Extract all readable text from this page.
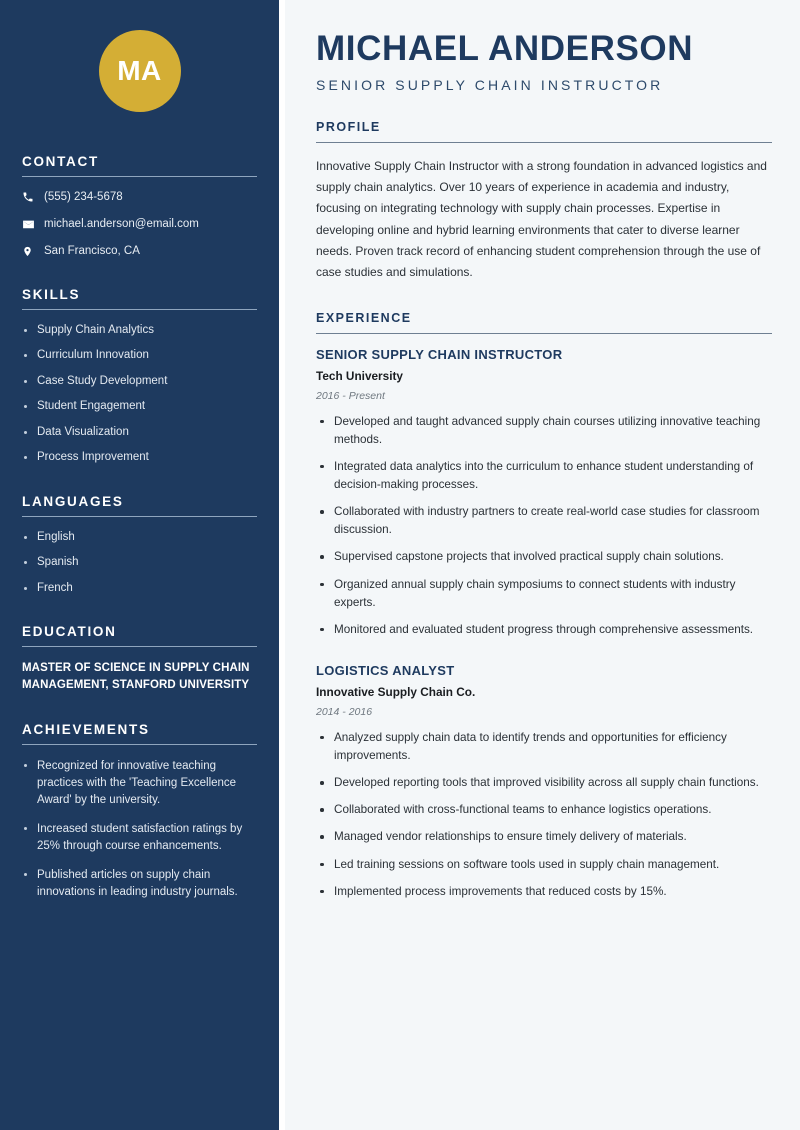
MA
CONTACT
(555) 234-5678
michael.anderson@email.com
San Francisco, CA
SKILLS
Supply Chain Analytics
Curriculum Innovation
Case Study Development
Student Engagement
Data Visualization
Process Improvement
LANGUAGES
English
Spanish
French
EDUCATION
MASTER OF SCIENCE IN SUPPLY CHAIN MANAGEMENT, STANFORD UNIVERSITY
ACHIEVEMENTS
Recognized for innovative teaching practices with the 'Teaching Excellence Award' by the university.
Increased student satisfaction ratings by 25% through course enhancements.
Published articles on supply chain innovations in leading industry journals.
MICHAEL ANDERSON
SENIOR SUPPLY CHAIN INSTRUCTOR
PROFILE

Innovative Supply Chain Instructor with a strong foundation in advanced logistics and supply chain analytics. Over 10 years of experience in academia and industry, focusing on integrating technology with supply chain processes. Expertise in developing online and hybrid learning environments that cater to diverse learner needs. Proven track record of enhancing student comprehension through the use of case studies and simulations.

EXPERIENCE
SENIOR SUPPLY CHAIN INSTRUCTOR
Tech University
2016 - Present
Developed and taught advanced supply chain courses utilizing innovative teaching methods.
Integrated data analytics into the curriculum to enhance student understanding of decision-making processes.
Collaborated with industry partners to create real-world case studies for classroom discussion.
Supervised capstone projects that involved practical supply chain solutions.
Organized annual supply chain symposiums to connect students with industry experts.
Monitored and evaluated student progress through comprehensive assessments.
LOGISTICS ANALYST
Innovative Supply Chain Co.
2014 - 2016
Analyzed supply chain data to identify trends and opportunities for efficiency improvements.
Developed reporting tools that improved visibility across all supply chain functions.
Collaborated with cross-functional teams to enhance logistics operations.
Managed vendor relationships to ensure timely delivery of materials.
Led training sessions on software tools used in supply chain management.
Implemented process improvements that reduced costs by 15%.
